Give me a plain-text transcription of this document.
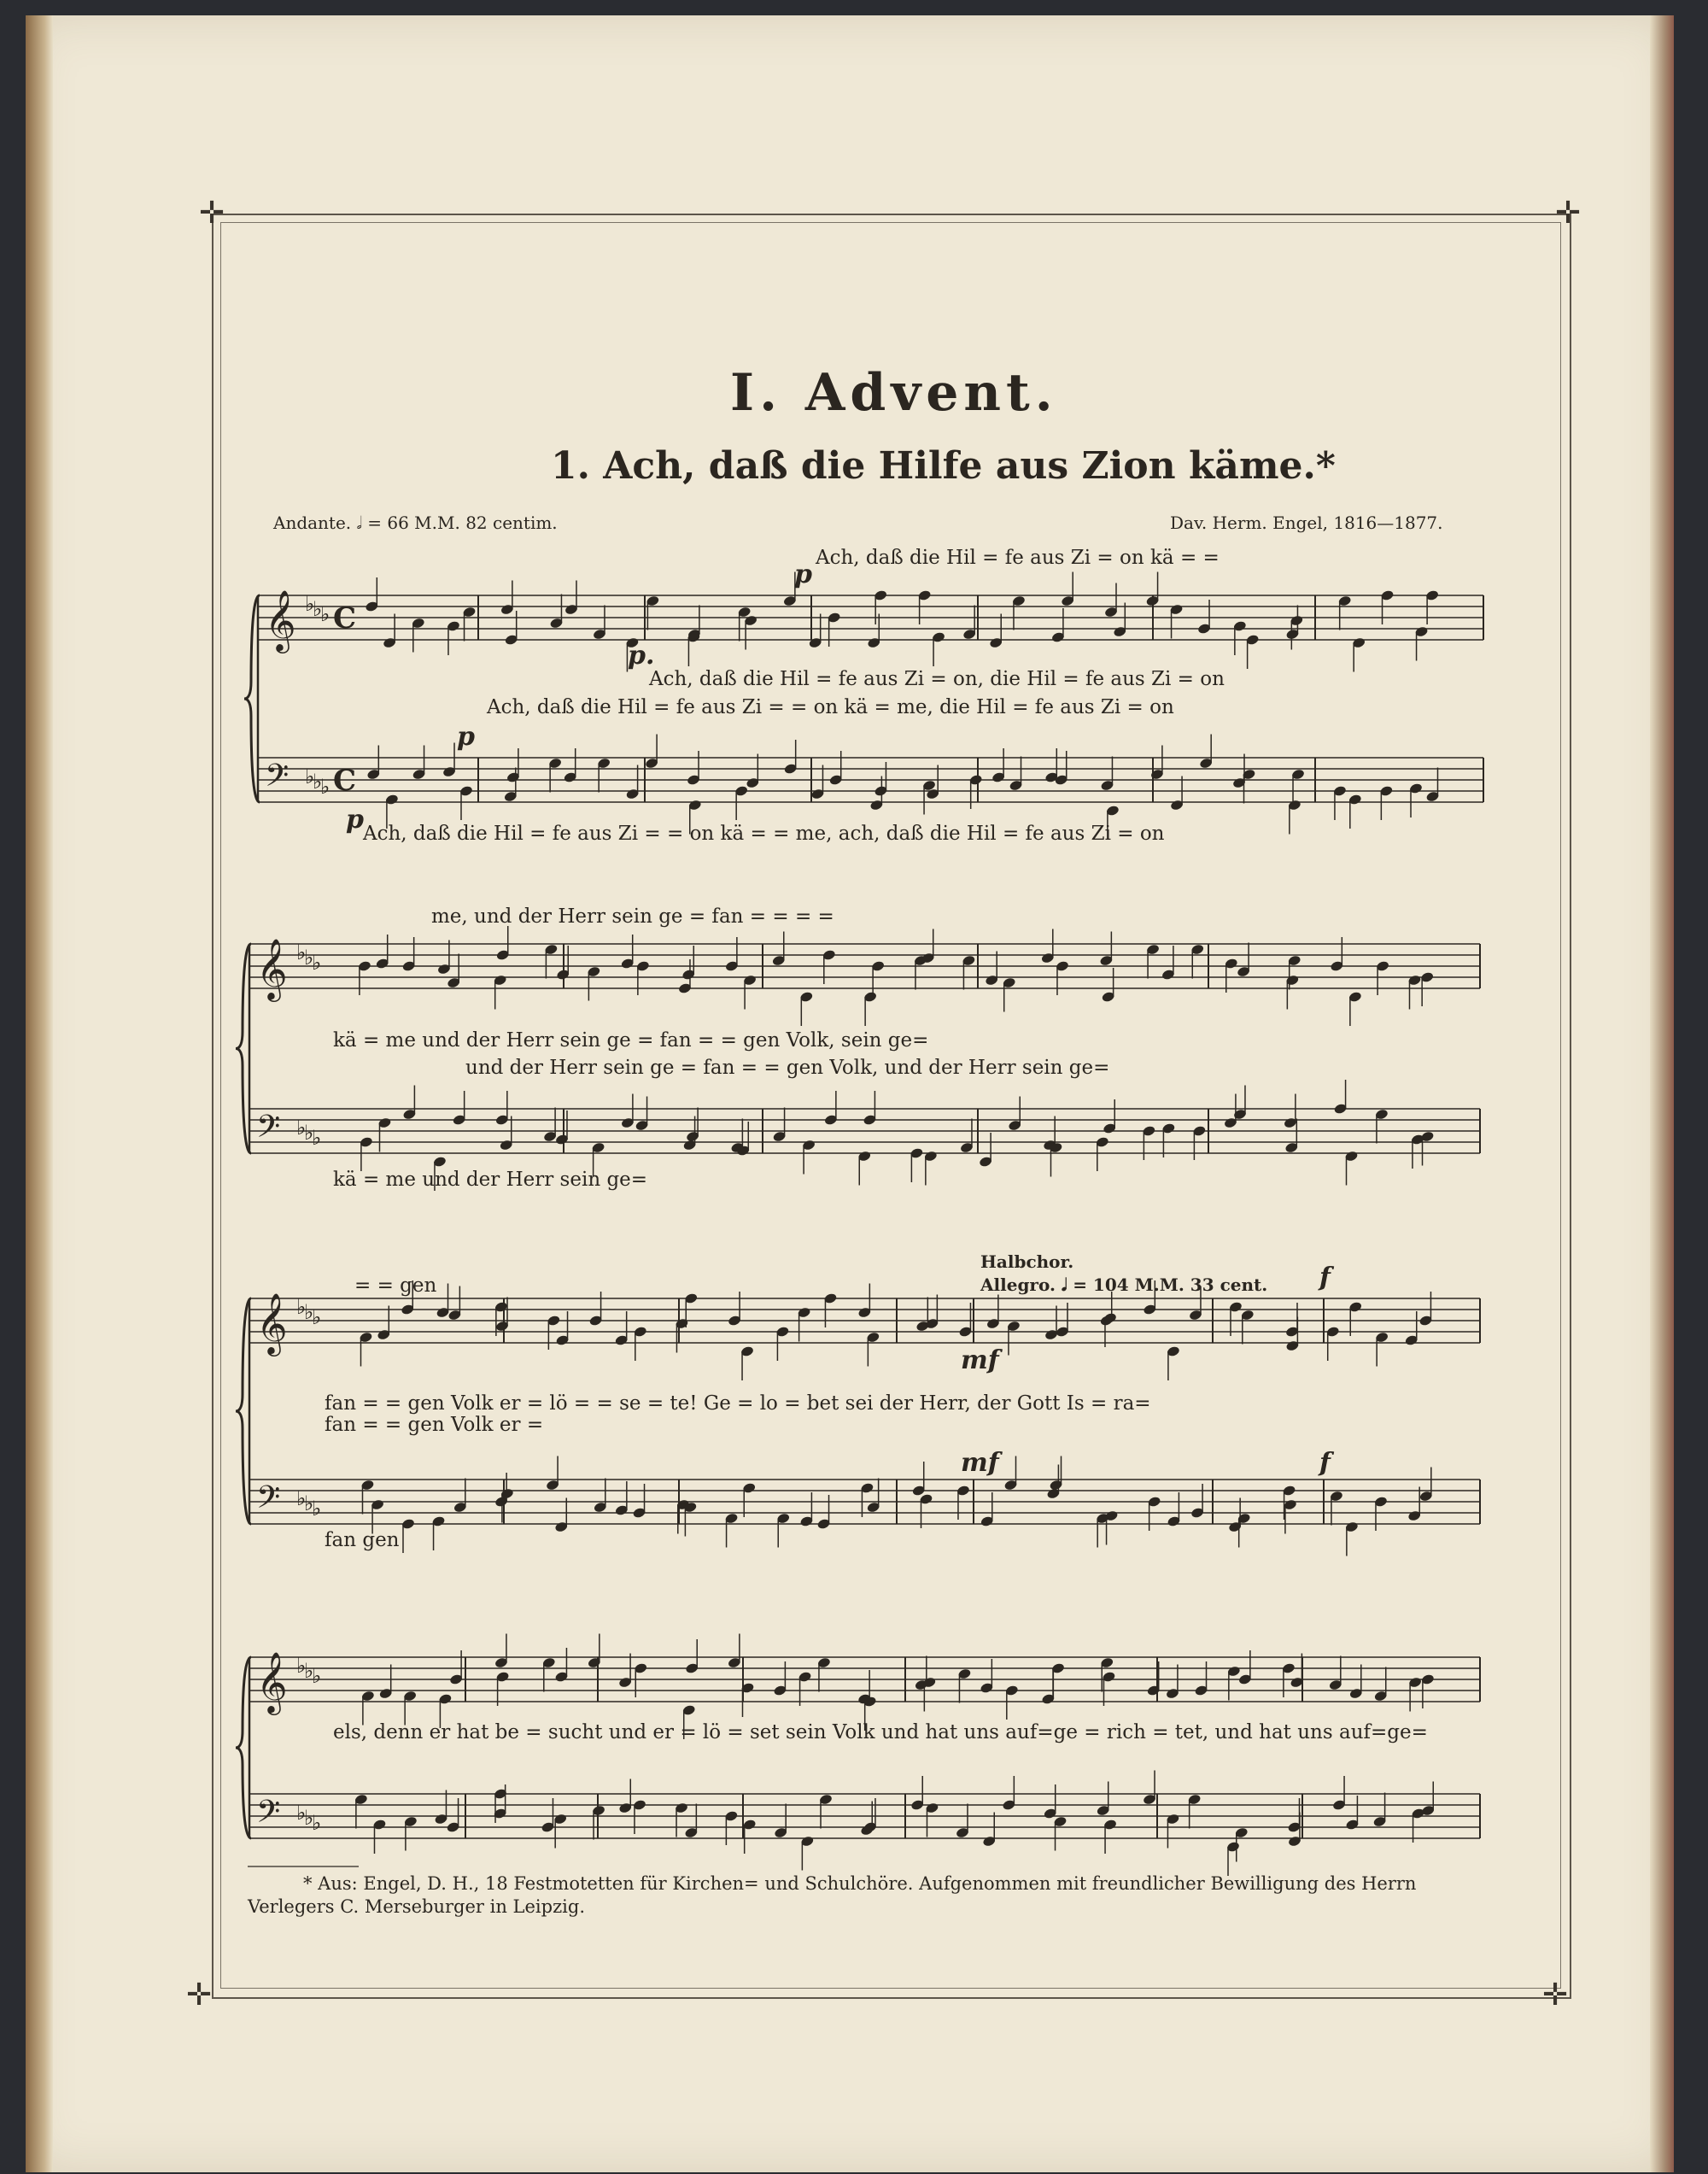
✛	✛
✛	✛
𝄞
𝄢
♭
♭
♭
♭
♭
♭
C
C
𝄞
𝄢
♭
♭
♭
♭
♭
♭
𝄞
𝄢
♭
♭
♭
♭
♭
♭
𝄞
𝄢
♭
♭
♭
♭
♭
♭
I. Advent.
1. Ach, daß die Hilfe aus Zion käme.*
Andante. 𝅗𝅥 = 66 M.M. 82 centim.	Dav. Herm. Engel, 1816—1877.
p
Ach, daß die Hil = fe aus Zi = on kä = =
p.
Ach, daß die Hil = fe aus Zi = on, die Hil = fe aus Zi = on
Ach, daß die Hil = fe aus Zi = = on kä = me, die Hil = fe aus Zi = on
p
p Ach, daß die Hil = fe aus Zi = = on kä = = me, ach, daß die Hil = fe aus Zi = on
me, und der Herr sein ge = fan = = = =
kä = me und der Herr sein ge = fan = = gen Volk, sein ge=
und der Herr sein ge = fan = = gen Volk, und der Herr sein ge=
kä = me und der Herr sein ge=
= = gen
Halbchor.
Allegro. 𝅘𝅥 = 104 M.M. 33 cent. f
mf
fan = = gen Volk er = lö = = se = te! Ge = lo = bet sei der Herr, der Gott Is = ra=
fan = = gen Volk er =
mf	f
fan gen
els, denn er hat be = sucht und er = lö = set sein Volk und hat uns auf=ge = rich = tet, und hat uns auf=ge=
* Aus: Engel, D. H., 18 Festmotetten für Kirchen= und Schulchöre. Aufgenommen mit freundlicher Bewilligung des Herrn
Verlegers C. Merseburger in Leipzig.
